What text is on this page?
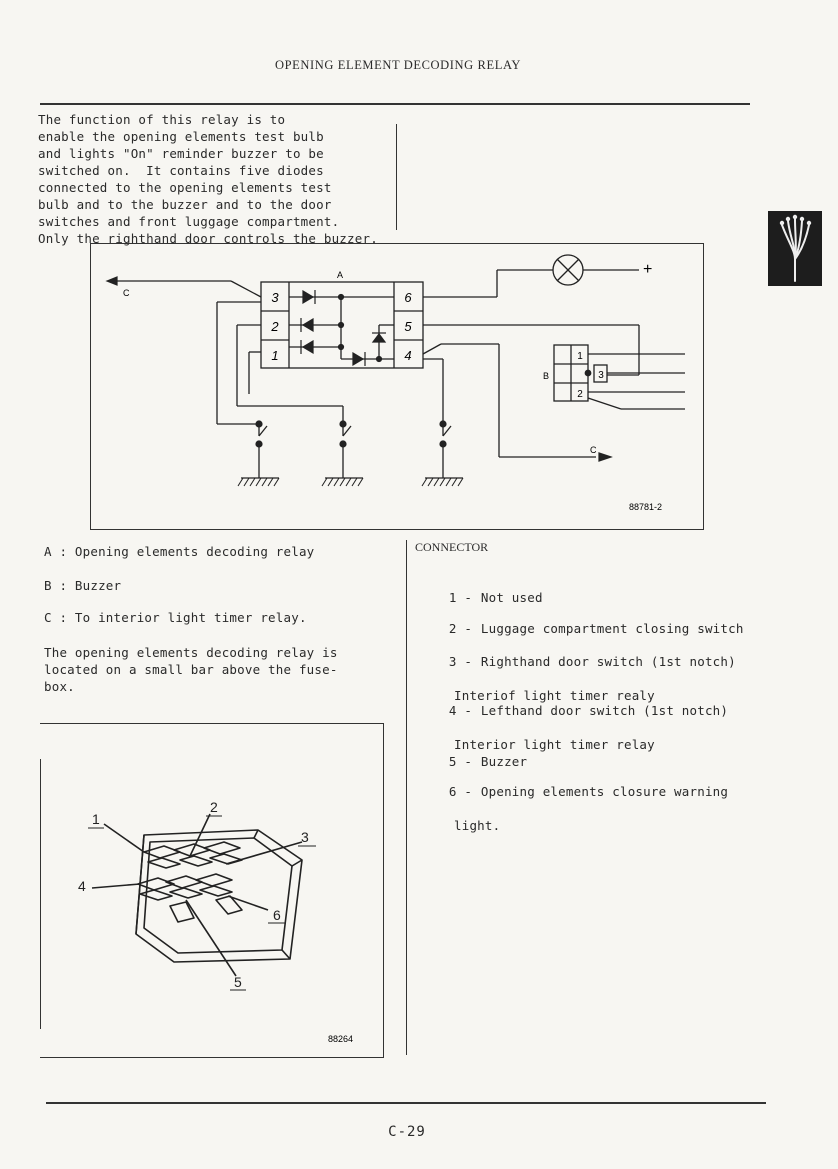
OPENING ELEMENT DECODING RELAY
The function of this relay is to
enable the opening elements test bulb
and lights "On" reminder buzzer to be
switched on.  It contains five diodes
connected to the opening elements test
bulb and to the buzzer and to the door
switches and front luggage compartment.
Only the righthand door controls the buzzer.
A
C
C
B
+
3
2
1
6
5
4	1
3
2
88781-2
A : Opening elements decoding relay
B : Buzzer
C : To interior light timer relay.
The opening elements decoding relay is
located on a small bar above the fuse-
box.
CONNECTOR

1 - Not used

2 - Luggage compartment closing switch

3 - Righthand door switch (1st notch)

Interiof light timer realy

4 - Lefthand door switch (1st notch)

Interior light timer relay

5 - Buzzer

6 - Opening elements closure warning

light.

1
2
3
4
5
6
88264
C-29
